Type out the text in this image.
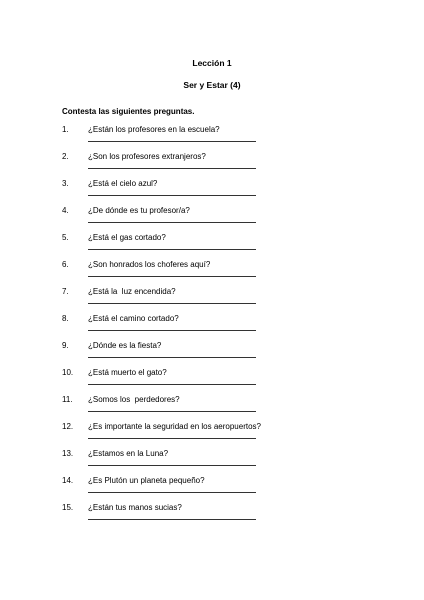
Lección 1
Ser y Estar (4)
Contesta las siguientes preguntas.
1.	¿Están los profesores en la escuela?
2.	¿Son los profesores extranjeros?
3.	¿Está el cielo azul?
4.	¿De dónde es tu profesor/a?
5.	¿Está el gas cortado?
6.	¿Son honrados los choferes aquí?
7.	¿Está la  luz encendida?
8.	¿Está el camino cortado?
9.	¿Dónde es la fiesta?
10.	¿Está muerto el gato?
11.	¿Somos los  perdedores?
12.	¿Es importante la seguridad en los aeropuertos?
13.	¿Estamos en la Luna?
14.	¿Es Plutón un planeta pequeño?
15.	¿Están tus manos sucias?
